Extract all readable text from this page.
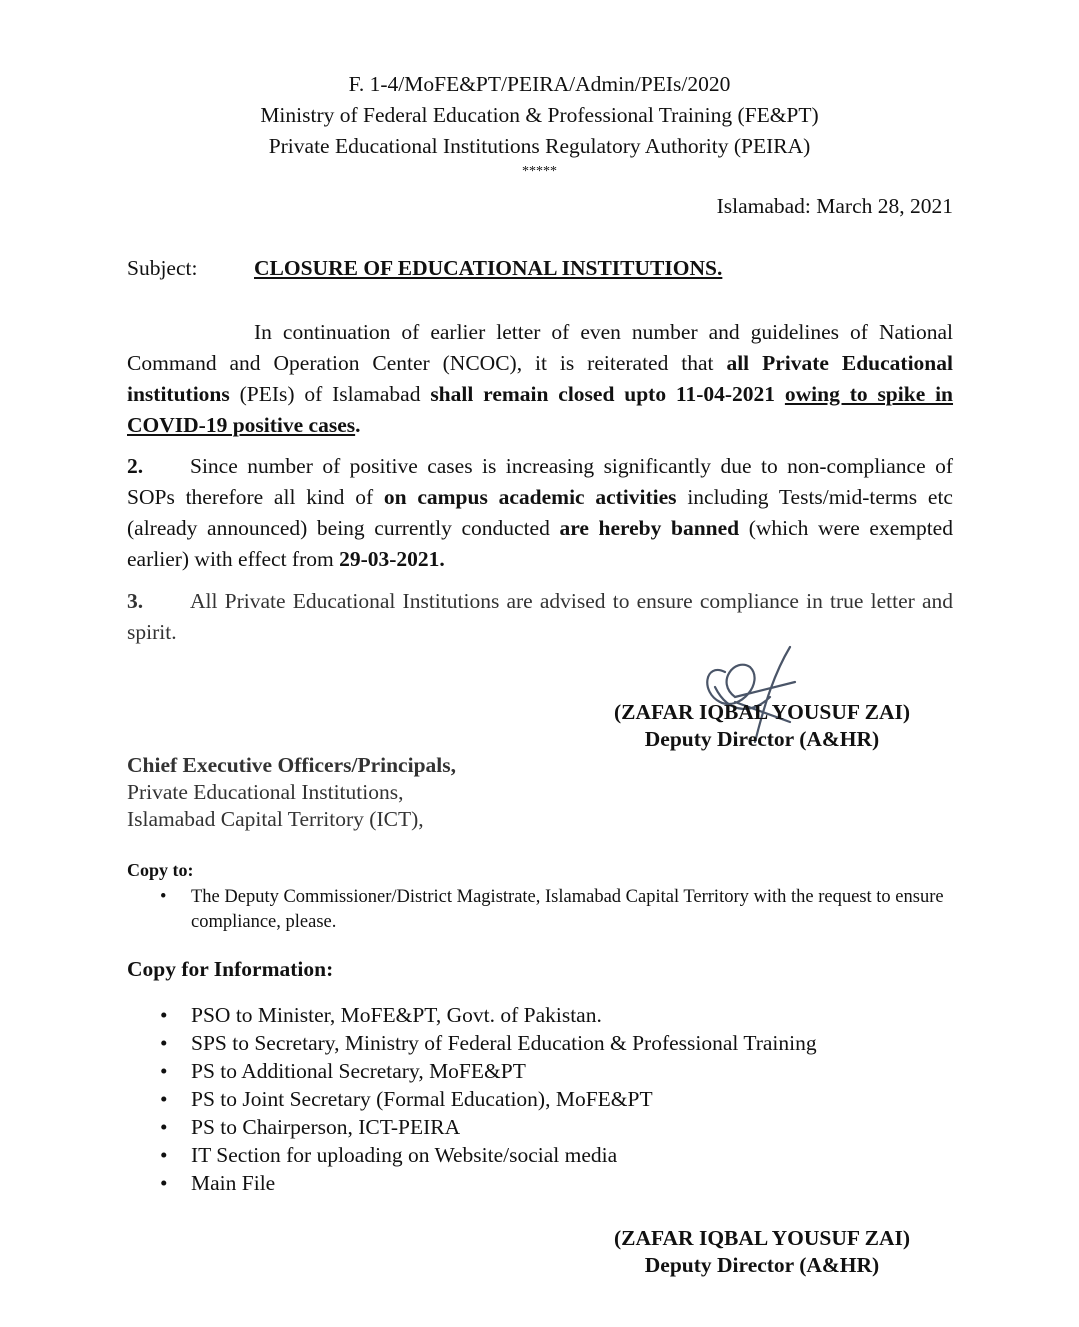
F. 1-4/MoFE&PT/PEIRA/Admin/PEIs/2020
Ministry of Federal Education & Professional Training (FE&PT)
Private Educational Institutions Regulatory Authority (PEIRA)
*****
Islamabad: March 28, 2021
Subject:	CLOSURE OF EDUCATIONAL INSTITUTIONS.
In continuation of earlier letter of even number and guidelines of National Command and Operation Center (NCOC), it is reiterated that all Private Educational institutions (PEIs) of Islamabad shall remain closed upto 11-04-2021 owing to spike in COVID-19 positive cases.
2. Since number of positive cases is increasing significantly due to non-compliance of SOPs therefore all kind of on campus academic activities including Tests/mid-terms etc (already announced) being currently conducted are hereby banned (which were exempted earlier) with effect from 29-03-2021.
3. All Private Educational Institutions are advised to ensure compliance in true letter and spirit.
(ZAFAR IQBAL YOUSUF ZAI)
Deputy Director (A&HR)
Chief Executive Officers/Principals,
Private Educational Institutions,
Islamabad Capital Territory (ICT),
Copy to:
• The Deputy Commissioner/District Magistrate, Islamabad Capital Territory with the request to ensure compliance, please.
Copy for Information:
• PSO to Minister, MoFE&PT, Govt. of Pakistan.
• SPS to Secretary, Ministry of Federal Education & Professional Training
• PS to Additional Secretary, MoFE&PT
• PS to Joint Secretary (Formal Education), MoFE&PT
• PS to Chairperson, ICT-PEIRA
• IT Section for uploading on Website/social media
• Main File
(ZAFAR IQBAL YOUSUF ZAI)
Deputy Director (A&HR)
